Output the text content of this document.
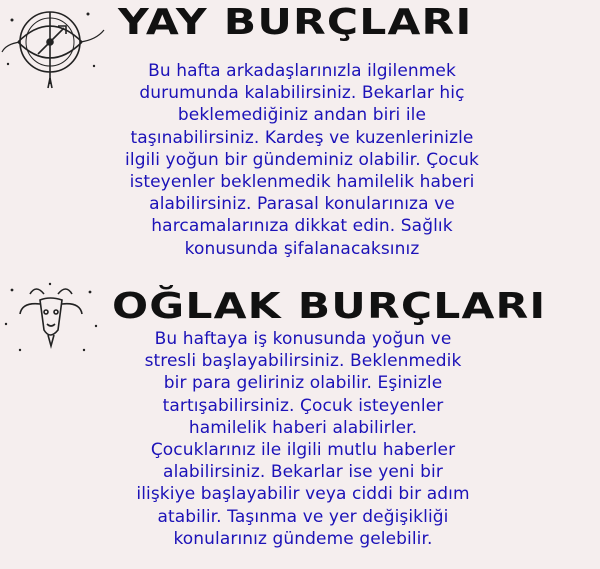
YAY BURÇLARI
Bu hafta arkadaşlarınızla ilgilenmek
durumunda kalabilirsiniz. Bekarlar hiç
beklemediğiniz andan biri ile
taşınabilirsiniz. Kardeş ve kuzenlerinizle
ilgili yoğun bir gündeminiz olabilir. Çocuk
isteyenler beklenmedik hamilelik haberi
alabilirsiniz. Parasal konularınıza ve
harcamalarınıza dikkat edin. Sağlık
konusunda şifalanacaksınız
OĞLAK BURÇLARI
Bu haftaya iş konusunda yoğun ve
stresli başlayabilirsiniz. Beklenmedik
bir para geliriniz olabilir. Eşinizle
tartışabilirsiniz. Çocuk isteyenler
hamilelik haberi alabilirler.
Çocuklarınız ile ilgili mutlu haberler
alabilirsiniz. Bekarlar ise yeni bir
ilişkiye başlayabilir veya ciddi bir adım
atabilir. Taşınma ve yer değişikliği
konularınız gündeme gelebilir.
